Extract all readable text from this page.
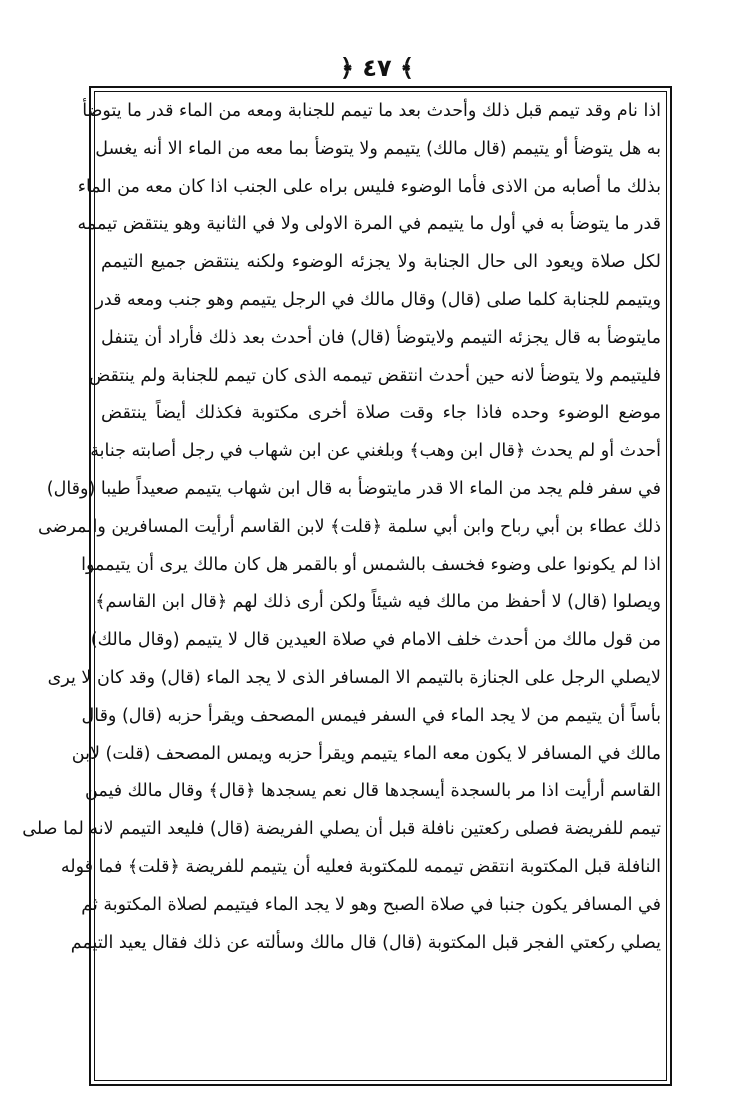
﴿ ٤٧ ﴾
اذا نام وقد تيمم قبل ذلك وأحدث بعد ما تيمم للجنابة ومعه من الماء قدر ما يتوضأ
به هل يتوضأ أو يتيمم (قال مالك) يتيمم ولا يتوضأ بما معه من الماء الا أنه يغسل
بذلك ما أصابه من الاذى فأما الوضوء فليس براه على الجنب اذا كان معه من الماء
قدر ما يتوضأ به في أول ما يتيمم في المرة الاولى ولا في الثانية وهو ينتقض تيممه
لكل صلاة ويعود الى حال الجنابة ولا يجزئه الوضوء ولكنه ينتقض جميع التيمم
ويتيمم للجنابة كلما صلى (قال) وقال مالك في الرجل يتيمم وهو جنب ومعه قدر
مايتوضأ به قال يجزئه التيمم ولايتوضأ (قال) فان أحدث بعد ذلك فأراد أن يتنفل
فليتيمم ولا يتوضأ لانه حين أحدث انتقض تيممه الذى كان تيمم للجنابة ولم ينتقض
موضع الوضوء وحده فاذا جاء وقت صلاة أخرى مكتوبة فكذلك أيضاً ينتقض
أحدث أو لم يحدث ﴿قال ابن وهب﴾ وبلغني عن ابن شهاب في رجل أصابته جنابة
في سفر فلم يجد من الماء الا قدر مايتوضأ به قال ابن شهاب يتيمم صعيداً طيبا (وقال)
ذلك عطاء بن أبي رباح وابن أبي سلمة ﴿قلت﴾ لابن القاسم أرأيت المسافرين والمرضى
اذا لم يكونوا على وضوء فخسف بالشمس أو بالقمر هل كان مالك يرى أن يتيمموا
ويصلوا (قال) لا أحفظ من مالك فيه شيئاً ولكن أرى ذلك لهم ﴿قال ابن القاسم﴾
من قول مالك من أحدث خلف الامام في صلاة العيدين قال لا يتيمم (وقال مالك)
لايصلي الرجل على الجنازة بالتيمم الا المسافر الذى لا يجد الماء (قال) وقد كان لا يرى
بأساً أن يتيمم من لا يجد الماء في السفر فيمس المصحف ويقرأ حزبه (قال) وقال
مالك في المسافر لا يكون معه الماء يتيمم ويقرأ حزبه ويمس المصحف (قلت) لابن
القاسم أرأيت اذا مر بالسجدة أيسجدها قال نعم يسجدها ﴿قال﴾ وقال مالك فيمن
تيمم للفريضة فصلى ركعتين نافلة قبل أن يصلي الفريضة (قال) فليعد التيمم لانه لما صلى
النافلة قبل المكتوبة انتقض تيممه للمكتوبة فعليه أن يتيمم للفريضة ﴿قلت﴾ فما قوله
في المسافر يكون جنبا في صلاة الصبح وهو لا يجد الماء فيتيمم لصلاة المكتوبة ثم
يصلي ركعتي الفجر قبل المكتوبة (قال) قال مالك وسألته عن ذلك فقال يعيد التيمم
